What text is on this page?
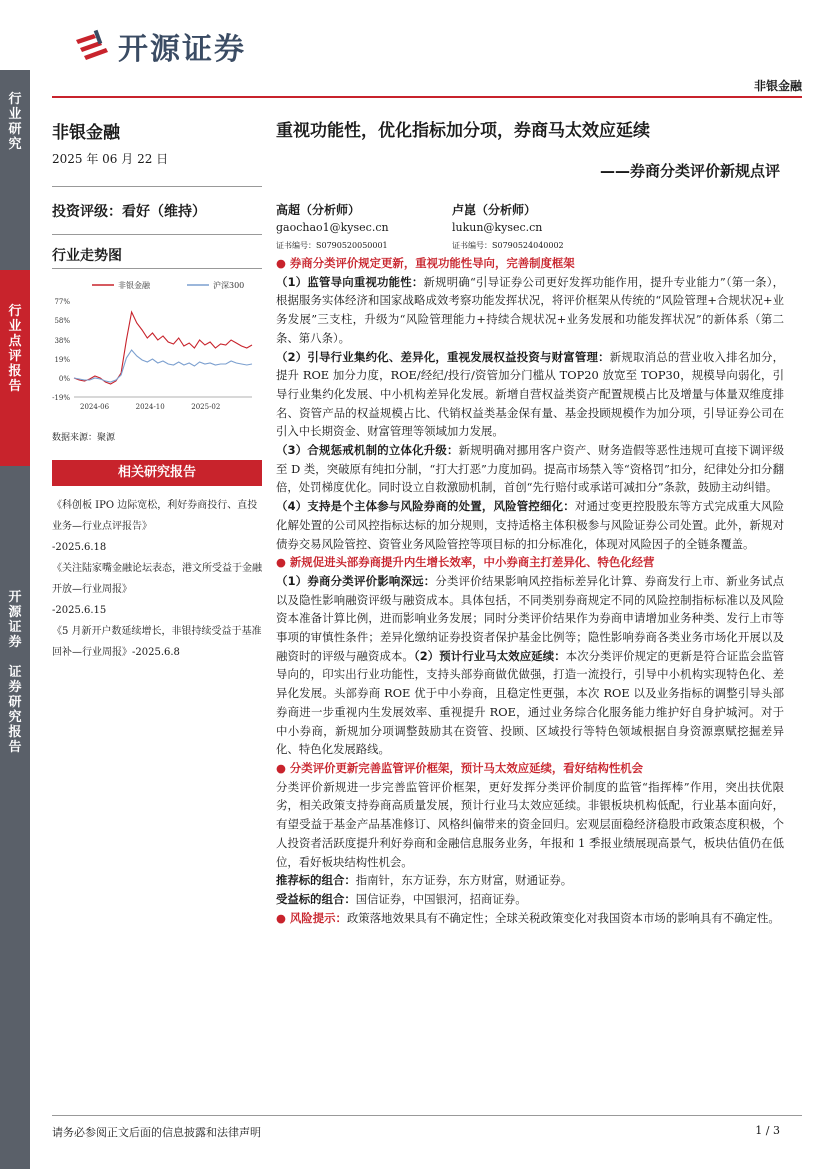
行
业
研
究
行
业
点
评
报
告
开
源
证
券

证
券
研
究
报
告
开源证券
非银金融
非银金融
2025 年 06 月 22 日
投资评级：看好（维持）
行业走势图
非银金融	沪深300
77%
58%
38%
19%
0%
-19%
2024-06	2024-10	2025-02
数据来源：聚源
相关研究报告
《科创板 IPO 边际宽松，利好券商投行、直投业务—行业点评报告》
-2025.6.18
《关注陆家嘴金融论坛表态，港文所受益于金融开放—行业周报》
-2025.6.15
《5 月新开户数延续增长，非银持续受益于基准回补—行业周报》-2025.6.8
重视功能性，优化指标加分项，券商马太效应延续
——券商分类评价新规点评
高超（分析师）
gaochao1@kysec.cn
证书编号：S0790520050001
卢崑（分析师）
lukun@kysec.cn
证书编号：S0790524040002

● 券商分类评价规定更新，重视功能性导向，完善制度框架

（1）监管导向重视功能性：新规明确“引导证券公司更好发挥功能作用，提升专业能力”（第一条），根据服务实体经济和国家战略成效考察功能发挥状况，将评价框架从传统的“风险管理+合规状况+业务发展”三支柱，升级为“风险管理能力+持续合规状况+业务发展和功能发挥状况”的新体系（第二条、第八条）。

（2）引导行业集约化、差异化，重视发展权益投资与财富管理：新规取消总的营业收入排名加分，提升 ROE 加分力度，ROE/经纪/投行/资管加分门槛从 TOP20 放宽至 TOP30，规模导向弱化，引导行业集约化发展、中小机构差异化发展。新增自营权益类资产配置规模占比及增量与体量双维度排名、资管产品的权益规模占比、代销权益类基金保有量、基金投顾规模作为加分项，引导证券公司在引入中长期资金、财富管理等领域加力发展。

（3）合规惩戒机制的立体化升级：新规明确对挪用客户资产、财务造假等恶性违规可直接下调评级至 D 类，突破原有纯扣分制，“打大打恶”力度加码。提高市场禁入等“资格罚”扣分，纪律处分扣分翻倍，处罚梯度优化。同时设立自救激励机制，首创“先行赔付或承诺可减扣分”条款，鼓励主动纠错。

（4）支持是个主体参与风险券商的处置，风险管控细化：对通过变更控股股东等方式完成重大风险化解处置的公司风控指标达标的加分规则，支持适格主体积极参与风险证券公司处置。此外，新规对债券交易风险管控、资管业务风险管控等项目标的扣分标准化，体现对风险因子的全链条覆盖。

● 新规促进头部券商提升内生增长效率，中小券商主打差异化、特色化经营

（1）券商分类评价影响深远：分类评价结果影响风控指标差异化计算、券商发行上市、新业务试点以及隐性影响融资评级与融资成本。具体包括，不同类别券商规定不同的风险控制指标标准以及风险资本准备计算比例，进而影响业务发展；同时分类评价结果作为券商申请增加业务种类、发行上市等事项的审慎性条件；差异化缴纳证券投资者保护基金比例等；隐性影响券商各类业务市场化开展以及融资时的评级与融资成本。（2）预计行业马太效应延续：本次分类评价规定的更新是符合证监会监管导向的，印实出行业功能性，支持头部券商做优做强，打造一流投行，引导中小机构实现特色化、差异化发展。头部券商 ROE 优于中小券商，且稳定性更强，本次 ROE 以及业务指标的调整引导头部券商进一步重视内生发展效率、重视提升 ROE，通过业务综合化服务能力维护好自身护城河。对于中小券商，新规加分项调整鼓励其在资管、投顾、区域投行等特色领域根据自身资源禀赋挖掘差异化、特色化发展路线。

● 分类评价更新完善监管评价框架，预计马太效应延续，看好结构性机会

分类评价新规进一步完善监管评价框架，更好发挥分类评价制度的监管“指挥棒”作用，突出扶优限劣，相关政策支持券商高质量发展，预计行业马太效应延续。非银板块机构低配，行业基本面向好，有望受益于基金产品基准修订、风格纠偏带来的资金回归。宏观层面稳经济稳股市政策态度积极，个人投资者活跃度提升利好券商和金融信息服务业务，年报和 1 季报业绩展现高景气，板块估值仍在低位，看好板块结构性机会。

推荐标的组合：指南针，东方证券，东方财富，财通证券。

受益标的组合：国信证券，中国银河，招商证券。

● 风险提示：政策落地效果具有不确定性；全球关税政策变化对我国资本市场的影响具有不确定性。

请务必参阅正文后面的信息披露和法律声明	1 / 3
